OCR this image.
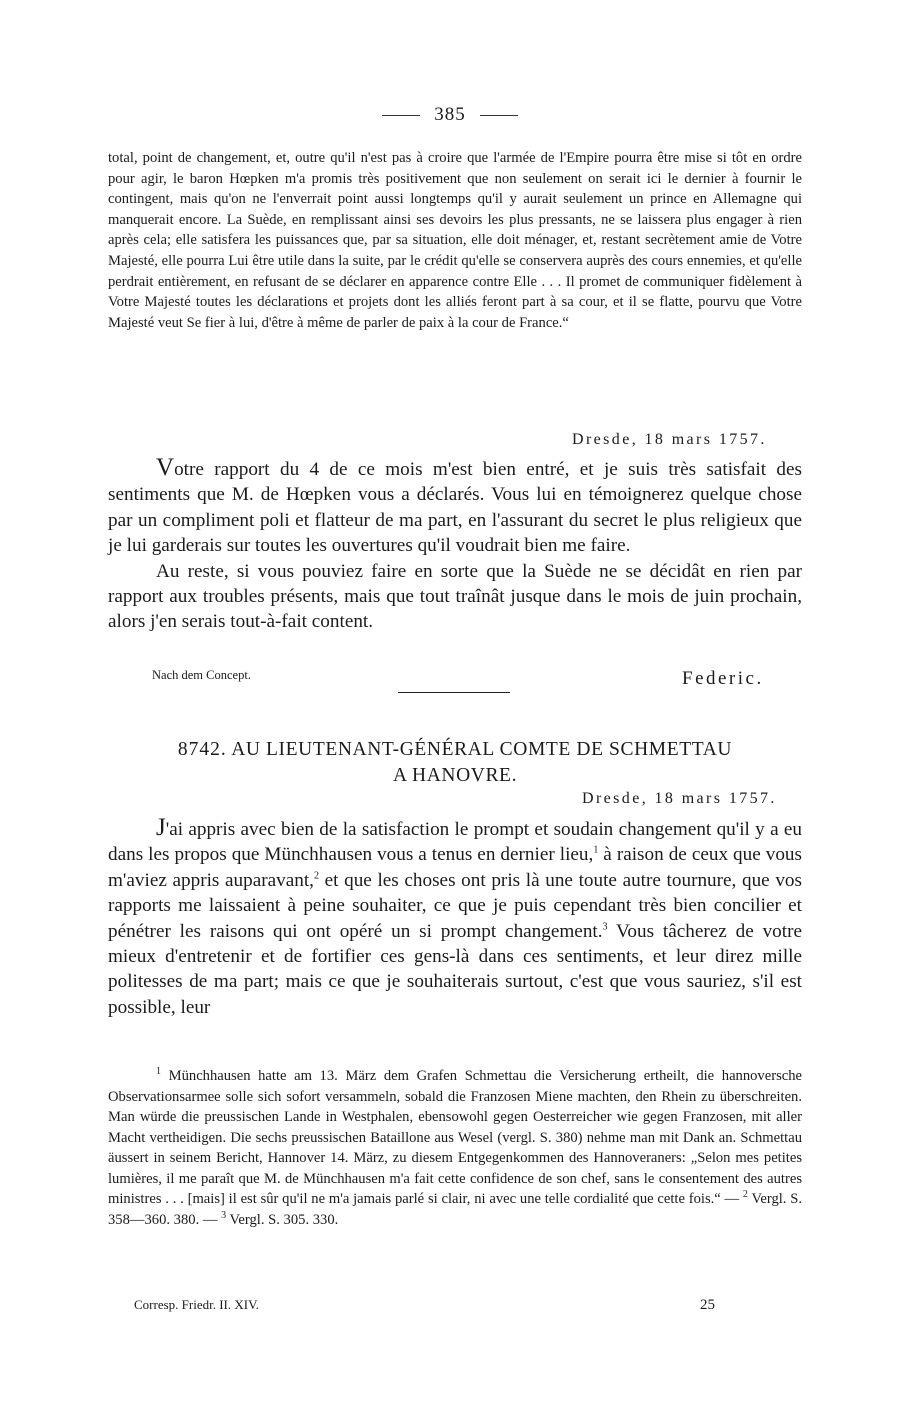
385
total, point de changement, et, outre qu'il n'est pas à croire que l'armée de l'Empire pourra être mise si tôt en ordre pour agir, le baron Hœpken m'a promis très positivement que non seulement on serait ici le dernier à fournir le contingent, mais qu'on ne l'enverrait point aussi longtemps qu'il y aurait seulement un prince en Allemagne qui manquerait encore. La Suède, en remplissant ainsi ses devoirs les plus pressants, ne se laissera plus engager à rien après cela; elle satisfera les puissances que, par sa situation, elle doit ménager, et, restant secrètement amie de Votre Majesté, elle pourra Lui être utile dans la suite, par le crédit qu'elle se conservera auprès des cours ennemies, et qu'elle perdrait entièrement, en refusant de se déclarer en apparence contre Elle . . . Il promet de communiquer fidèlement à Votre Majesté toutes les déclarations et projets dont les alliés feront part à sa cour, et il se flatte, pourvu que Votre Majesté veut Se fier à lui, d'être à même de parler de paix à la cour de France.“
Dresde, 18 mars 1757.
Votre rapport du 4 de ce mois m'est bien entré, et je suis très satisfait des sentiments que M. de Hœpken vous a déclarés. Vous lui en témoignerez quelque chose par un compliment poli et flatteur de ma part, en l'assurant du secret le plus religieux que je lui garderais sur toutes les ouvertures qu'il voudrait bien me faire.
Au reste, si vous pouviez faire en sorte que la Suède ne se décidât en rien par rapport aux troubles présents, mais que tout traînât jusque dans le mois de juin prochain, alors j'en serais tout-à-fait content.
Nach dem Concept.	Federic.
8742. AU LIEUTENANT-GÉNÉRAL COMTE DE SCHMETTAU
A HANOVRE.
Dresde, 18 mars 1757.
J'ai appris avec bien de la satisfaction le prompt et soudain changement qu'il y a eu dans les propos que Münchhausen vous a tenus en dernier lieu,$^1$ à raison de ceux que vous m'aviez appris auparavant,$^2$ et que les choses ont pris là une toute autre tournure, que vos rapports me laissaient à peine souhaiter, ce que je puis cependant très bien concilier et pénétrer les raisons qui ont opéré un si prompt changement.$^3$ Vous tâcherez de votre mieux d'entretenir et de fortifier ces gens-là dans ces sentiments, et leur direz mille politesses de ma part; mais ce que je souhaiterais surtout, c'est que vous sauriez, s'il est possible, leur
$^1$ Münchhausen hatte am 13. März dem Grafen Schmettau die Versicherung ertheilt, die hannoversche Observationsarmee solle sich sofort versammeln, sobald die Franzosen Miene machten, den Rhein zu überschreiten. Man würde die preussischen Lande in Westphalen, ebensowohl gegen Oesterreicher wie gegen Franzosen, mit aller Macht vertheidigen. Die sechs preussischen Bataillone aus Wesel (vergl. S. 380) nehme man mit Dank an. Schmettau äussert in seinem Bericht, Hannover 14. März, zu diesem Entgegenkommen des Hannoveraners: „Selon mes petites lumières, il me paraît que M. de Münchhausen m'a fait cette confidence de son chef, sans le consentement des autres ministres . . . [mais] il est sûr qu'il ne m'a jamais parlé si clair, ni avec une telle cordialité que cette fois.“ — $^2$ Vergl. S. 358—360. 380. — $^3$ Vergl. S. 305. 330.
Corresp. Friedr. II. XIV.	25
